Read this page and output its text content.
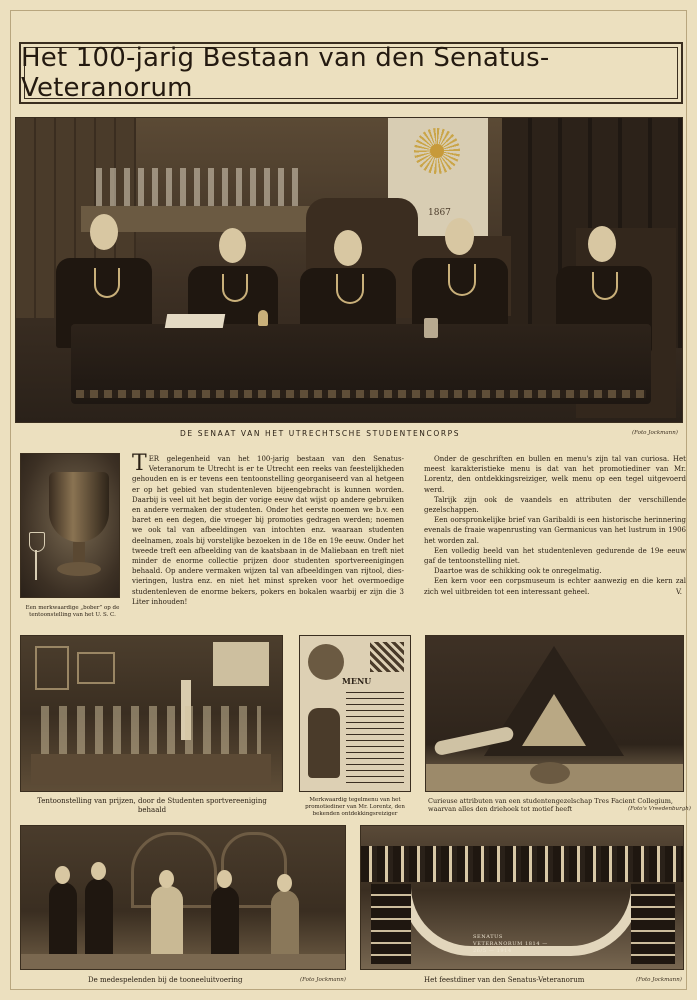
Het 100-jarig Bestaan van den Senatus-Veteranorum
1867
DE SENAAT VAN HET UTRECHTSCHE STUDENTENCORPS	(Foto Jockmann)
Een merkwaardige „bober” op de tentoonstelling van het U. S. C.

TER gelegenheid van het 100-jarig bestaan van den Senatus-Veteranorum te Utrecht is er te Utrecht een reeks van feestelijkheden gehouden en is er tevens een tentoonstelling georganiseerd van al hetgeen er op het gebied van studentenleven bijeengebracht is kunnen worden. Daarbij is veel uit het begin der vorige eeuw dat wijst op andere gebruiken en andere vermaken der studenten. Onder het eerste noemen we b.v. een baret en een degen, die vroeger bij promoties gedragen werden; noemen we ook tal van afbeeldingen van intochten enz. waaraan studenten deelnamen, zoals bij vorstelijke bezoeken in de 18e en 19e eeuw. Onder het tweede treft een afbeelding van de kaatsbaan in de Maliebaan en treft niet minder de enorme collectie prijzen door studenten sportvereenigingen behaald. Op andere vermaken wijzen tal van afbeeldingen van rijtool, dies-vieringen, lustra enz. en niet het minst spreken voor het overmoedige studentenleven de enorme bekers, pokers en bokalen waarbij er zijn die 3 Liter inhouden!

Onder de geschriften en bullen en menu's zijn tal van curiosa. Het meest karakteristieke menu is dat van het promotiediner van Mr. Lorentz, den ontdekkingsreiziger, welk menu op een tegel uitgevoerd werd.

Talrijk zijn ook de vaandels en attributen der verschillende gezelschappen.

Een oorspronkelijke brief van Garibaldi is een historische herinnering evenals de fraaie wapenrusting van Germanicus van het lustrum in 1906 het worden zal.

Een volledig beeld van het studentenleven gedurende de 19e eeuw gaf de tentoonstelling niet.

Daartoe was de schikking ook te onregelmatig.

Een kern voor een corpsmuseum is echter aanwezig en die kern zal zich wel uitbreiden tot een interessant geheel.	V.

Tentoonstelling van prijzen, door de Studenten sportvereeniging behaald
MENU
Merkwaardig tegelmenu van het promotiediner van Mr. Lorentz, den bekenden ontdekkingsreiziger
Curieuse attributen van een studentengezelschap Tres Facient Collegium, waarvan alles den driehoek tot motief heeft	(Foto's Vreedenburgh)
De medespelenden bij de tooneeluitvoering	(Foto Jockmann)
SENATUS VETERANORUM 1814 — 26/5 — 1914
Het feestdiner van den Senatus-Veteranorum	(Foto Jockmann)
